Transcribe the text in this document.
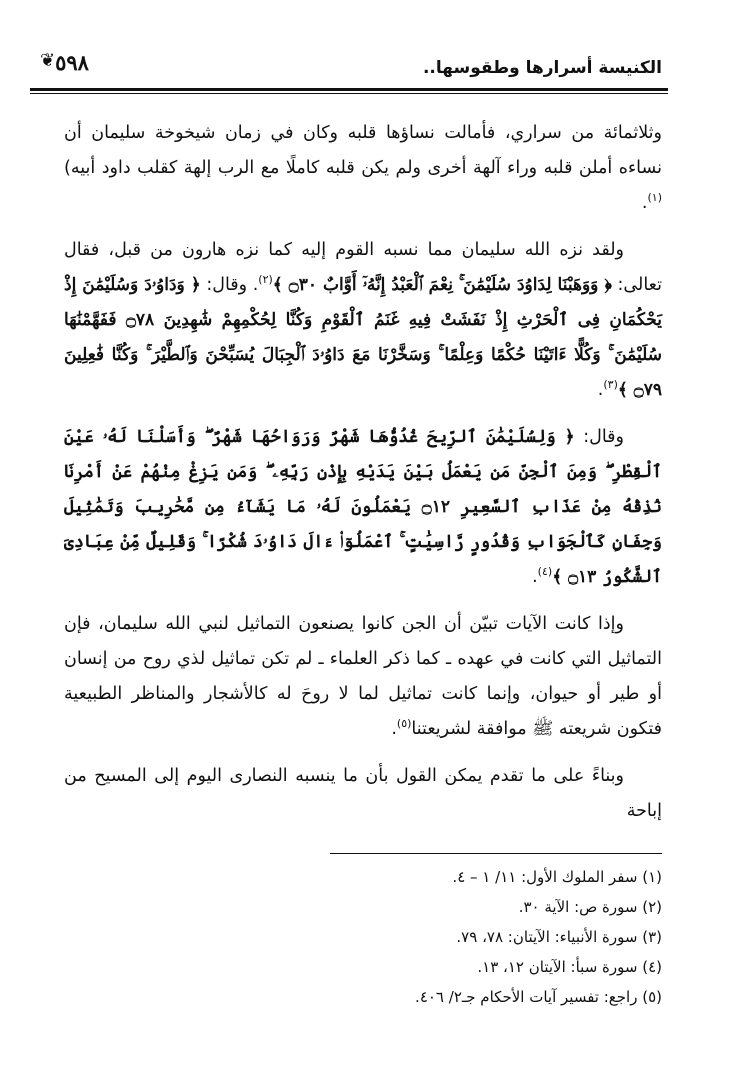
❦٥٩٨	الكنيسة أسرارها وطقوسها..

وثلاثمائة من سراري، فأمالت نساؤها قلبه وكان في زمان شيخوخة سليمان أن نساءه أملن قلبه وراء آلهة أخرى ولم يكن قلبه كاملًا مع الرب إلهة كقلب داود أبيه)$^{(١)}$.

ولقد نزه الله سليمان مما نسبه القوم إليه كما نزه هارون من قبل، فقال تعالى: ﴿ وَوَهَبْنَا لِدَاوُدَ سُلَيْمَٰنَ ۚ نِعْمَ ٱلْعَبْدُ إِنَّهُۥٓ أَوَّابٌ ۝٣٠ ﴾$^{(٢)}$. وقال: ﴿ وَدَاوُۥدَ وَسُلَيْمَٰنَ إِذْ يَحْكُمَانِ فِى ٱلْحَرْثِ إِذْ نَفَشَتْ فِيهِ غَنَمُ ٱلْقَوْمِ وَكُنَّا لِحُكْمِهِمْ شَٰهِدِينَ ۝٧٨ فَفَهَّمْنَٰهَا سُلَيْمَٰنَ ۚ وَكُلًّا ءَاتَيْنَا حُكْمًا وَعِلْمًا ۚ وَسَخَّرْنَا مَعَ دَاوُۥدَ ٱلْجِبَالَ يُسَبِّحْنَ وَٱلطَّيْرَ ۚ وَكُنَّا فَٰعِلِينَ ۝٧٩ ﴾$^{(٣)}$.

وقال: ﴿ وَلِسُلَيْمَٰنَ ٱلرِّيحَ غُدُوُّهَا شَهْرٌ وَرَوَاحُهَا شَهْرٌ ۖ وَأَسَلْنَا لَهُۥ عَيْنَ ٱلْقِطْرِ ۖ وَمِنَ ٱلْجِنِّ مَن يَعْمَلُ بَيْنَ يَدَيْهِ بِإِذْنِ رَبِّهِۦ ۖ وَمَن يَزِغْ مِنْهُمْ عَنْ أَمْرِنَا نُذِقْهُ مِنْ عَذَابِ ٱلسَّعِيرِ ۝١٢ يَعْمَلُونَ لَهُۥ مَا يَشَآءُ مِن مَّحَٰرِيبَ وَتَمَٰثِيلَ وَجِفَانٍ كَٱلْجَوَابِ وَقُدُورٍ رَّاسِيَٰتٍ ۚ ٱعْمَلُوٓا۟ ءَالَ دَاوُۥدَ شُكْرًا ۚ وَقَلِيلٌ مِّنْ عِبَادِىَ ٱلشَّكُورُ ۝١٣ ﴾$^{(٤)}$.

وإذا كانت الآيات تبيّن أن الجن كانوا يصنعون التماثيل لنبي الله سليمان، فإن التماثيل التي كانت في عهده ـ كما ذكر العلماء ـ لم تكن تماثيل لذي روح من إنسان أو طير أو حيوان، وإنما كانت تماثيل لما لا روحَ له كالأشجار والمناظر الطبيعية فتكون شريعته ﷺ موافقة لشريعتنا$^{(٥)}$.

وبناءً على ما تقدم يمكن القول بأن ما ينسبه النصارى اليوم إلى المسيح من إباحة

(١) سفر الملوك الأول: ١١/ ١ – ٤.
(٢) سورة ص: الآية ٣٠.
(٣) سورة الأنبياء: الآيتان: ٧٨، ٧٩.
(٤) سورة سبأ: الآيتان ١٢، ١٣.
(٥) راجع: تفسير آيات الأحكام جـ٢/ ٤٠٦.
